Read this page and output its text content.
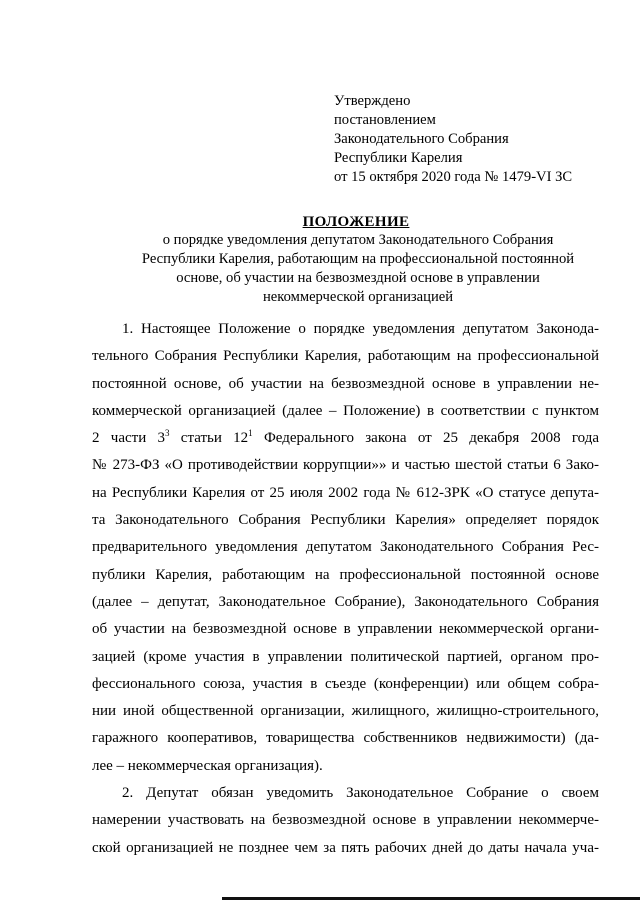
Утверждено
постановлением
Законодательного Собрания
Республики Карелия
от 15 октября 2020 года № 1479-VI ЗС
ПОЛОЖЕНИЕ
о порядке уведомления депутатом Законодательного Собрания
Республики Карелия, работающим на профессиональной постоянной
основе, об участии на безвозмездной основе в управлении
некоммерческой организацией
1. Настоящее Положение о порядке уведомления депутатом Законода-
тельного Собрания Республики Карелия, работающим на профессиональной
постоянной основе, об участии на безвозмездной основе в управлении не-
коммерческой организацией (далее – Положение) в соответствии с пунктом
2 части $3^3$ статьи $12^1$ Федерального закона от 25 декабря 2008 года
№ 273-ФЗ «О противодействии коррупции»» и частью шестой статьи 6 Зако-
на Республики Карелия от 25 июля 2002 года № 612-ЗРК «О статусе депута-
та Законодательного Собрания Республики Карелия» определяет порядок
предварительного уведомления депутатом Законодательного Собрания Рес-
публики Карелия, работающим на профессиональной постоянной основе
(далее – депутат, Законодательное Собрание), Законодательного Собрания
об участии на безвозмездной основе в управлении некоммерческой органи-
зацией (кроме участия в управлении политической партией, органом про-
фессионального союза, участия в съезде (конференции) или общем собра-
нии иной общественной организации, жилищного, жилищно-строительного,
гаражного кооперативов, товарищества собственников недвижимости) (да-
лее – некоммерческая организация).
2. Депутат обязан уведомить Законодательное Собрание о своем
намерении участвовать на безвозмездной основе в управлении некоммерче-
ской организацией не позднее чем за пять рабочих дней до даты начала уча-
